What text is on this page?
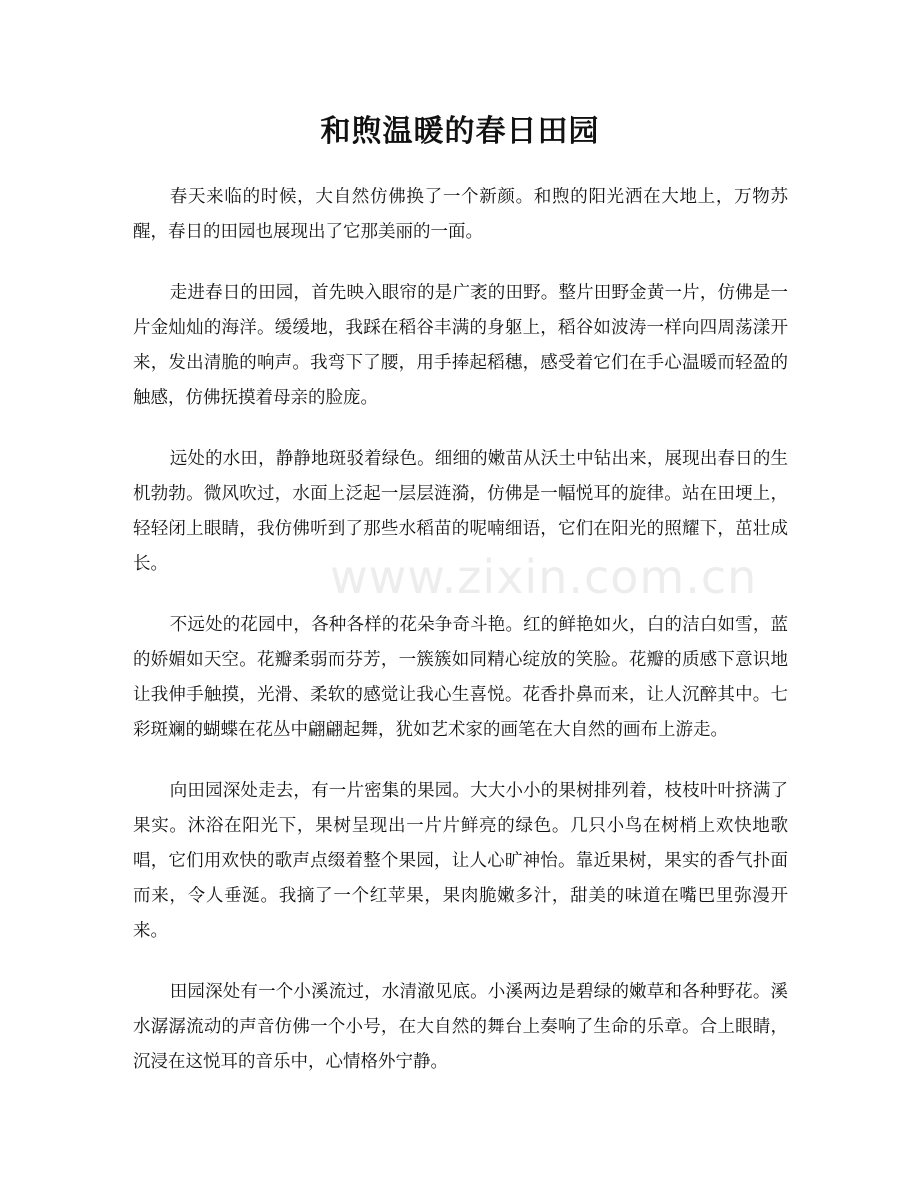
和煦温暖的春日田园

春天来临的时候，大自然仿佛换了一个新颜。和煦的阳光洒在大地上，万物苏醒，春日的田园也展现出了它那美丽的一面。

走进春日的田园，首先映入眼帘的是广袤的田野。整片田野金黄一片，仿佛是一片金灿灿的海洋。缓缓地，我踩在稻谷丰满的身躯上，稻谷如波涛一样向四周荡漾开来，发出清脆的响声。我弯下了腰，用手捧起稻穗，感受着它们在手心温暖而轻盈的触感，仿佛抚摸着母亲的脸庞。

远处的水田，静静地斑驳着绿色。细细的嫩苗从沃土中钻出来，展现出春日的生机勃勃。微风吹过，水面上泛起一层层涟漪，仿佛是一幅悦耳的旋律。站在田埂上，轻轻闭上眼睛，我仿佛听到了那些水稻苗的呢喃细语，它们在阳光的照耀下，茁壮成长。

不远处的花园中，各种各样的花朵争奇斗艳。红的鲜艳如火，白的洁白如雪，蓝的娇媚如天空。花瓣柔弱而芬芳，一簇簇如同精心绽放的笑脸。花瓣的质感下意识地让我伸手触摸，光滑、柔软的感觉让我心生喜悦。花香扑鼻而来，让人沉醉其中。七彩斑斓的蝴蝶在花丛中翩翩起舞，犹如艺术家的画笔在大自然的画布上游走。

向田园深处走去，有一片密集的果园。大大小小的果树排列着，枝枝叶叶挤满了果实。沐浴在阳光下，果树呈现出一片片鲜亮的绿色。几只小鸟在树梢上欢快地歌唱，它们用欢快的歌声点缀着整个果园，让人心旷神怡。靠近果树，果实的香气扑面而来，令人垂涎。我摘了一个红苹果，果肉脆嫩多汁，甜美的味道在嘴巴里弥漫开来。

田园深处有一个小溪流过，水清澈见底。小溪两边是碧绿的嫩草和各种野花。溪水潺潺流动的声音仿佛一个小号，在大自然的舞台上奏响了生命的乐章。合上眼睛，沉浸在这悦耳的音乐中，心情格外宁静。

www.zixin.com.cn
